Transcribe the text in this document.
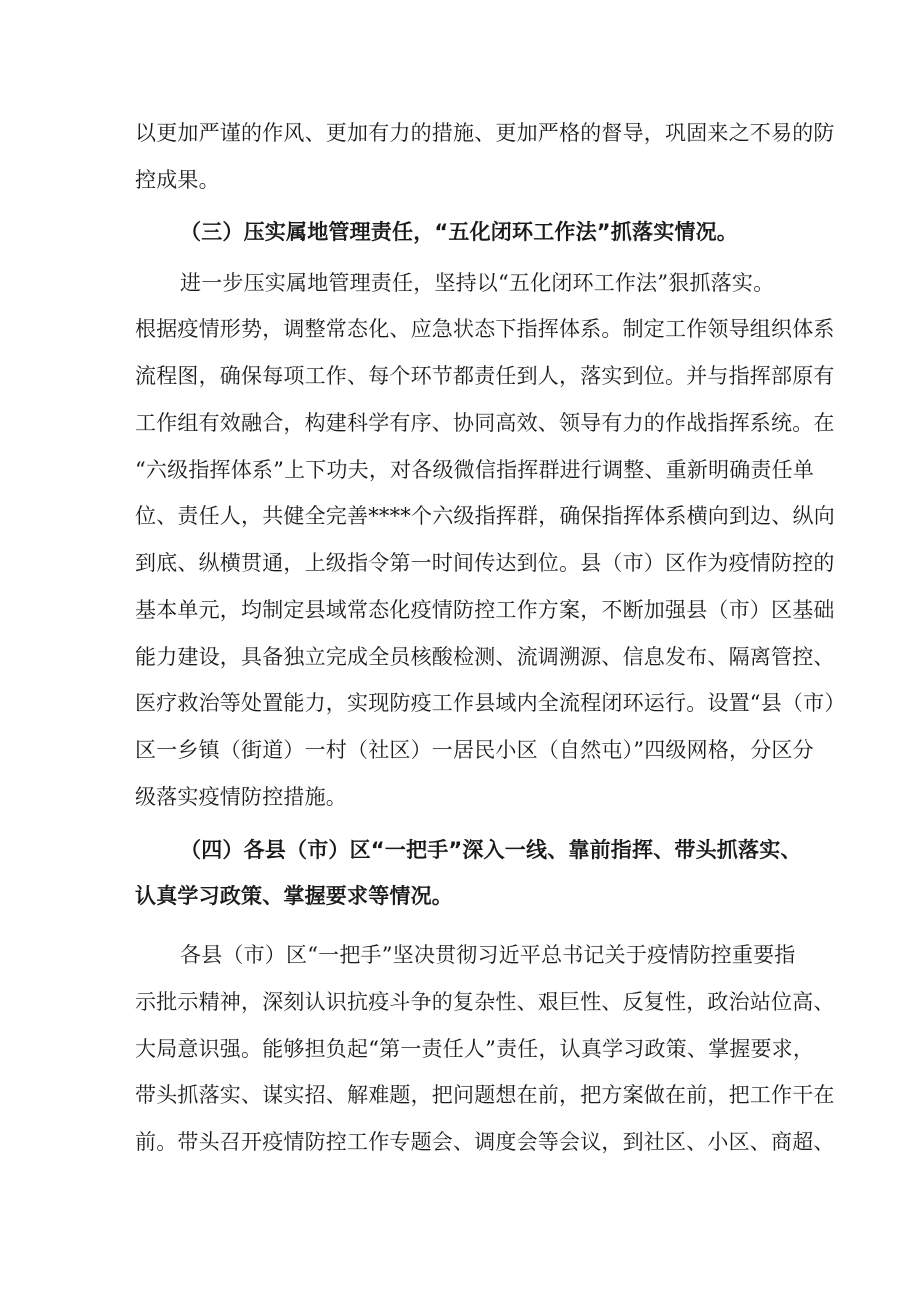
以更加严谨的作风、更加有力的措施、更加严格的督导，巩固来之不易的防
控成果。
（三）压实属地管理责任，“五化闭环工作法”抓落实情况。
进一步压实属地管理责任，坚持以“五化闭环工作法”狠抓落实。
根据疫情形势，调整常态化、应急状态下指挥体系。制定工作领导组织体系
流程图，确保每项工作、每个环节都责任到人，落实到位。并与指挥部原有
工作组有效融合，构建科学有序、协同高效、领导有力的作战指挥系统。在
“六级指挥体系”上下功夫，对各级微信指挥群进行调整、重新明确责任单
位、责任人，共健全完善****个六级指挥群，确保指挥体系横向到边、纵向
到底、纵横贯通，上级指令第一时间传达到位。县（市）区作为疫情防控的
基本单元，均制定县域常态化疫情防控工作方案，不断加强县（市）区基础
能力建设，具备独立完成全员核酸检测、流调溯源、信息发布、隔离管控、
医疗救治等处置能力，实现防疫工作县域内全流程闭环运行。设置“县（市）
区一乡镇（街道）一村（社区）一居民小区（自然屯）”四级网格，分区分
级落实疫情防控措施。
（四）各县（市）区“一把手”深入一线、靠前指挥、带头抓落实、
认真学习政策、掌握要求等情况。
各县（市）区“一把手”坚决贯彻习近平总书记关于疫情防控重要指
示批示精神，深刻认识抗疫斗争的复杂性、艰巨性、反复性，政治站位高、
大局意识强。能够担负起“第一责任人”责任，认真学习政策、掌握要求，
带头抓落实、谋实招、解难题，把问题想在前，把方案做在前，把工作干在
前。带头召开疫情防控工作专题会、调度会等会议，到社区、小区、商超、
